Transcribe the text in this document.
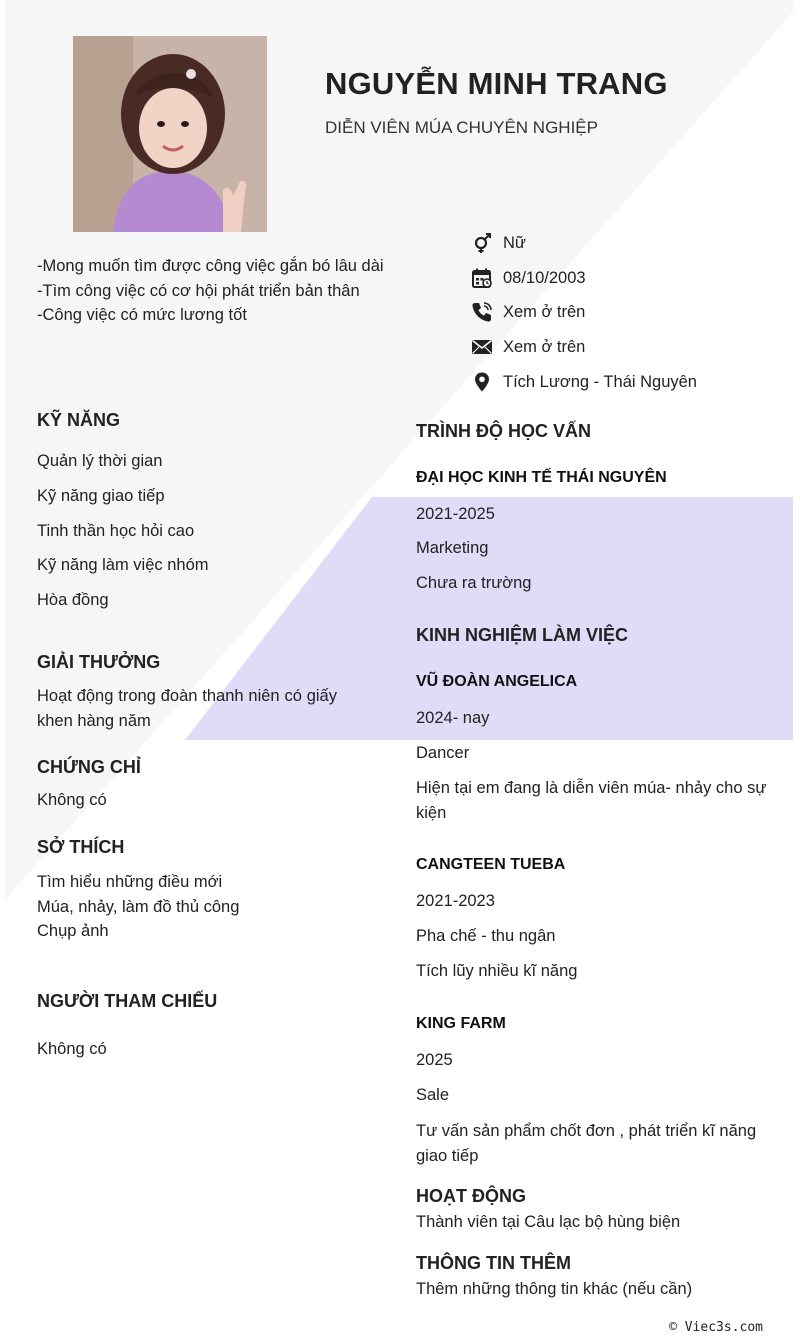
NGUYỄN MINH TRANG
DIỄN VIÊN MÚA CHUYÊN NGHIỆP
-Mong muốn tìm được công việc gắn bó lâu dài
-Tìm công việc có cơ hội phát triển bản thân
-Công việc có mức lương tốt
Nữ
08/10/2003
Xem ở trên
Xem ở trên
Tích Lương - Thái Nguyên
KỸ NĂNG
Quản lý thời gian
Kỹ năng giao tiếp
Tinh thần học hỏi cao
Kỹ năng làm việc nhóm
Hòa đồng
GIẢI THƯỞNG
Hoạt động trong đoàn thanh niên có giấy khen hàng năm
CHỨNG CHỈ
Không có
SỞ THÍCH
Tìm hiểu những điều mới
Múa, nhảy, làm đồ thủ công
Chụp ảnh
NGƯỜI THAM CHIẾU
Không có
TRÌNH ĐỘ HỌC VẤN
ĐẠI HỌC KINH TẾ THÁI NGUYÊN
2021-2025
Marketing
Chưa ra trường
KINH NGHIỆM LÀM VIỆC
VŨ ĐOÀN ANGELICA
2024- nay
Dancer
Hiện tại em đang là diễn viên múa- nhảy cho sự kiện
CANGTEEN TUEBA
2021-2023
Pha chế - thu ngân
Tích lũy nhiều kĩ năng
KING FARM
2025
Sale
Tư vấn sản phẩm chốt đơn , phát triển kĩ năng giao tiếp
HOẠT ĐỘNG
Thành viên tại Câu lạc bộ hùng biện
THÔNG TIN THÊM
Thêm những thông tin khác (nếu cần)
© Viec3s.com
